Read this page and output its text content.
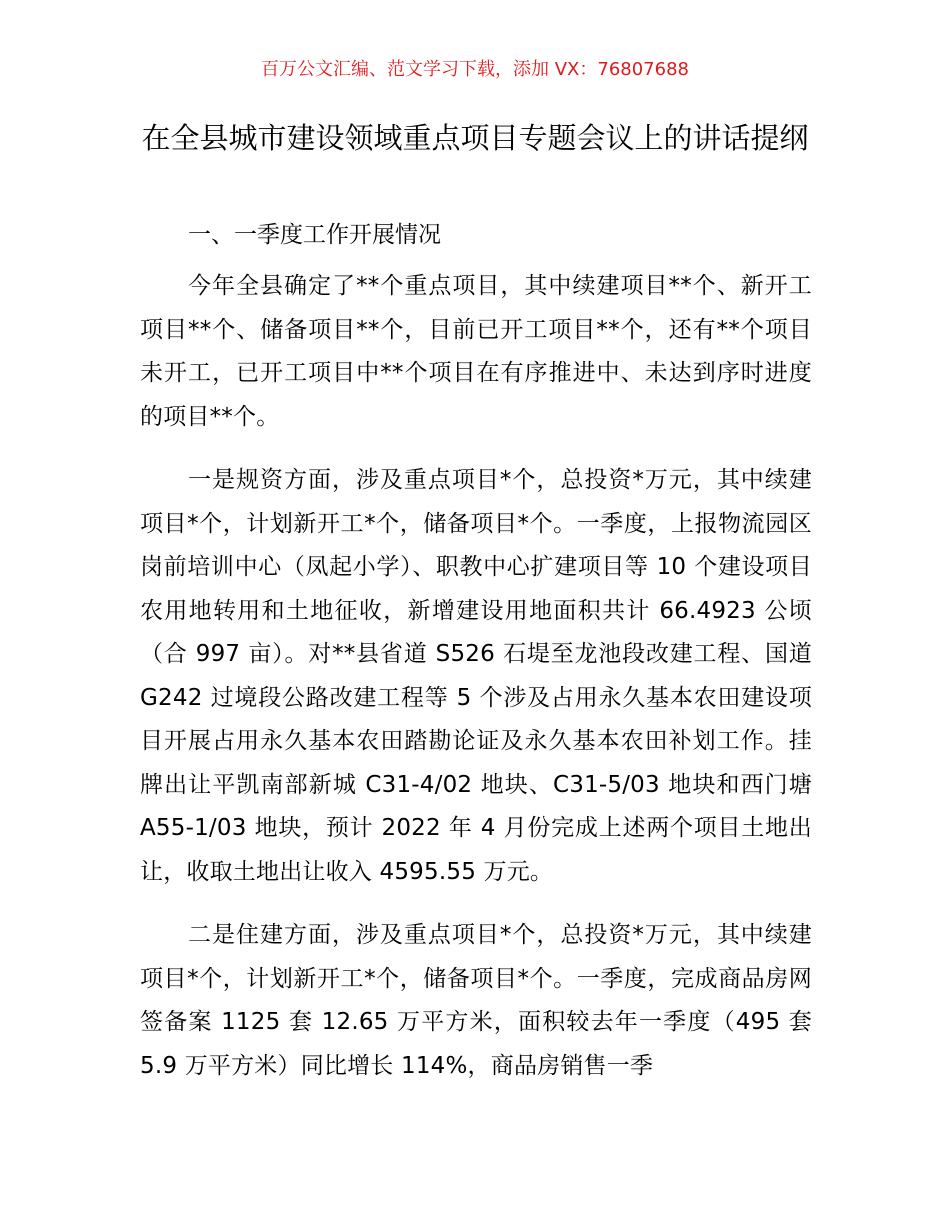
百万公文汇编、范文学习下载，添加 VX：76807688
在全县城市建设领域重点项目专题会议上的讲话提纲

一、一季度工作开展情况

今年全县确定了**个重点项目，其中续建项目**个、新开工项目**个、储备项目**个，目前已开工项目**个，还有**个项目未开工，已开工项目中**个项目在有序推进中、未达到序时进度的项目**个。

一是规资方面，涉及重点项目*个，总投资*万元，其中续建项目*个，计划新开工*个，储备项目*个。一季度，上报物流园区岗前培训中心（凤起小学）、职教中心扩建项目等 10 个建设项目农用地转用和土地征收，新增建设用地面积共计 66.4923 公顷（合 997 亩）。对**县省道 S526 石堤至龙池段改建工程、国道 G242 过境段公路改建工程等 5 个涉及占用永久基本农田建设项目开展占用永久基本农田踏勘论证及永久基本农田补划工作。挂牌出让平凯南部新城 C31-4/02 地块、C31-5/03 地块和西门塘 A55-1/03 地块，预计 2022 年 4 月份完成上述两个项目土地出让，收取土地出让收入 4595.55 万元。

二是住建方面，涉及重点项目*个，总投资*万元，其中续建项目*个，计划新开工*个，储备项目*个。一季度，完成商品房网签备案 1125 套 12.65 万平方米，面积较去年一季度（495 套 5.9 万平方米）同比增长 114%，商品房销售一季
